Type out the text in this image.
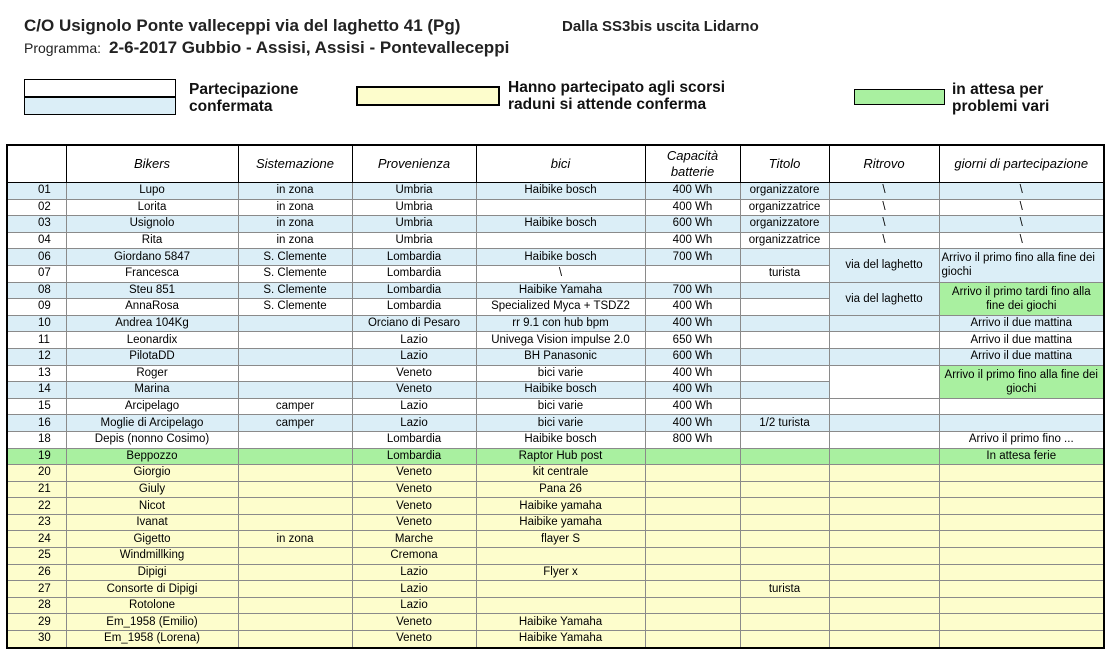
C/O Usignolo Ponte valleceppi via del laghetto 41 (Pg)	Dalla SS3bis uscita Lidarno
Programma: 2-6-2017 Gubbio - Assisi, Assisi - Pontevalleceppi
Partecipazione
confermata
Hanno partecipato agli scorsi
raduni si attende conferma
in attesa per
problemi vari
	Bikers	Sistemazione	Provenienza	bici	Capacità
batterie	Titolo	Ritrovo	giorni di partecipazione
01	Lupo	in zona	Umbria	Haibike bosch	400 Wh	organizzatore	\	\
02	Lorita	in zona	Umbria		400 Wh	organizzatrice	\	\
03	Usignolo	in zona	Umbria	Haibike bosch	600 Wh	organizzatore	\	\
04	Rita	in zona	Umbria		400 Wh	organizzatrice	\	\
06	Giordano 5847	S. Clemente	Lombardia	Haibike bosch	700 Wh		via del laghetto	Arrivo il primo fino alla fine dei giochi
07	Francesca	S. Clemente	Lombardia	\		turista		
08	Steu 851	S. Clemente	Lombardia	Haibike Yamaha	700 Wh		via del laghetto	Arrivo il primo tardi fino alla fine dei giochi
09	AnnaRosa	S. Clemente	Lombardia	Specialized Myca + TSDZ2	400 Wh			
10	Andrea 104Kg		Orciano di Pesaro	rr 9.1 con hub bpm	400 Wh			Arrivo il due mattina
11	Leonardix		Lazio	Univega Vision impulse 2.0	650 Wh			Arrivo il due mattina
12	PilotaDD		Lazio	BH Panasonic	600 Wh			Arrivo il due mattina
13	Roger		Veneto	bici varie	400 Wh			Arrivo il primo fino alla fine dei giochi
14	Marina		Veneto	Haibike bosch	400 Wh			
15	Arcipelago	camper	Lazio	bici varie	400 Wh			
16	Moglie di Arcipelago	camper	Lazio	bici varie	400 Wh	1/2 turista		
18	Depis (nonno Cosimo)		Lombardia	Haibike bosch	800 Wh			Arrivo il primo fino ...
19	Beppozzo		Lombardia	Raptor Hub post				In attesa ferie
20	Giorgio		Veneto	kit centrale				
21	Giuly		Veneto	Pana 26				
22	Nicot		Veneto	Haibike yamaha				
23	Ivanat		Veneto	Haibike yamaha				
24	Gigetto	in zona	Marche	flayer S				
25	Windmillking		Cremona					
26	Dipigi		Lazio	Flyer x				
27	Consorte di Dipigi		Lazio			turista		
28	Rotolone		Lazio					
29	Em_1958 (Emilio)		Veneto	Haibike Yamaha				
30	Em_1958 (Lorena)		Veneto	Haibike Yamaha				
